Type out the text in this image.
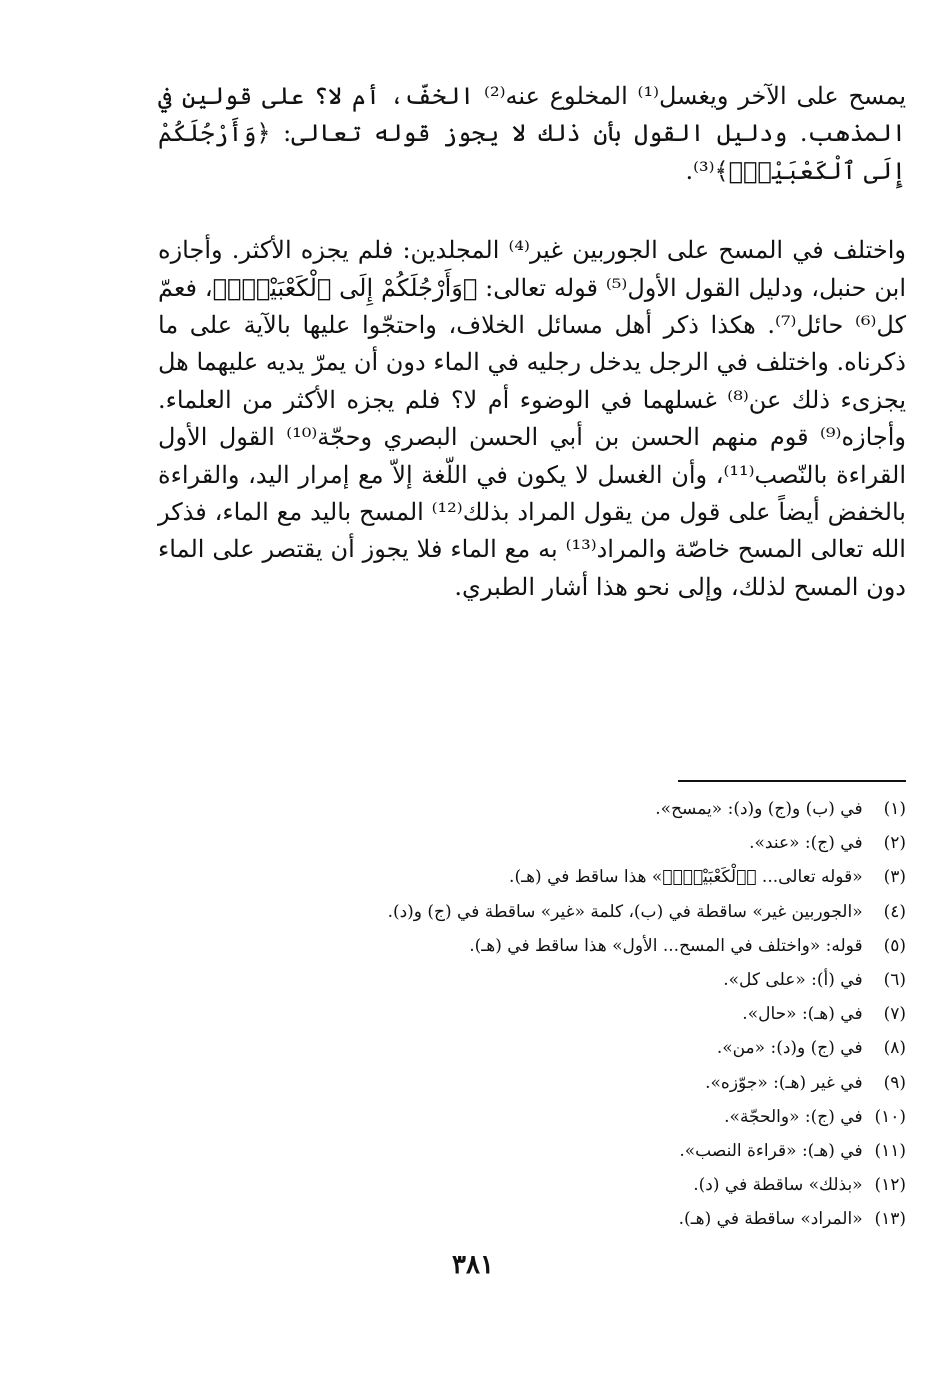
يمسح على الآخر ويغسل⁽¹⁾ المخلوع عنه⁽²⁾ الخفّ، أم لا؟ على قولين في المذهب. ودليل القول بأن ذلك لا يجوز قوله تعالى: ﴿وَأَرْجُلَكُمْ إِلَى ٱلْكَعْبَيْنِۚ﴾⁽³⁾.

واختلف في المسح على الجوربين غير⁽⁴⁾ المجلدين: فلم يجزه الأكثر. وأجازه ابن حنبل، ودليل القول الأول⁽⁵⁾ قوله تعالى: ﴿وَأَرْجُلَكُمْ إِلَى ٱلْكَعْبَيْنِۚ﴾، فعمّ كل⁽⁶⁾ حائل⁽⁷⁾. هكذا ذكر أهل مسائل الخلاف، واحتجّوا عليها بالآية على ما ذكرناه. واختلف في الرجل يدخل رجليه في الماء دون أن يمرّ يديه عليهما هل يجزىء ذلك عن⁽⁸⁾ غسلهما في الوضوء أم لا؟ فلم يجزه الأكثر من العلماء. وأجازه⁽⁹⁾ قوم منهم الحسن بن أبي الحسن البصري وحجّة⁽¹⁰⁾ القول الأول القراءة بالنّصب⁽¹¹⁾، وأن الغسل لا يكون في اللّغة إلاّ مع إمرار اليد، والقراءة بالخفض أيضاً على قول من يقول المراد بذلك⁽¹²⁾ المسح باليد مع الماء، فذكر الله تعالى المسح خاصّة والمراد⁽¹³⁾ به مع الماء فلا يجوز أن يقتصر على الماء دون المسح لذلك، وإلى نحو هذا أشار الطبري.

(١) في (ب) و(ج) و(د): «يمسح».
(٢) في (ج): «عند».
(٣) «قوله تعالى... ﴿ٱلْكَعْبَيْنِۚ﴾» هذا ساقط في (هـ).
(٤) «الجوربين غير» ساقطة في (ب)، كلمة «غير» ساقطة في (ج) و(د).
(٥) قوله: «واختلف في المسح... الأول» هذا ساقط في (هـ).
(٦) في (أ): «على كل».
(٧) في (هـ): «حال».
(٨) في (ج) و(د): «من».
(٩) في غير (هـ): «جوّزه».
(١٠) في (ج): «والحجّة».
(١١) في (هـ): «قراءة النصب».
(١٢) «بذلك» ساقطة في (د).
(١٣) «المراد» ساقطة في (هـ).
٣٨١
